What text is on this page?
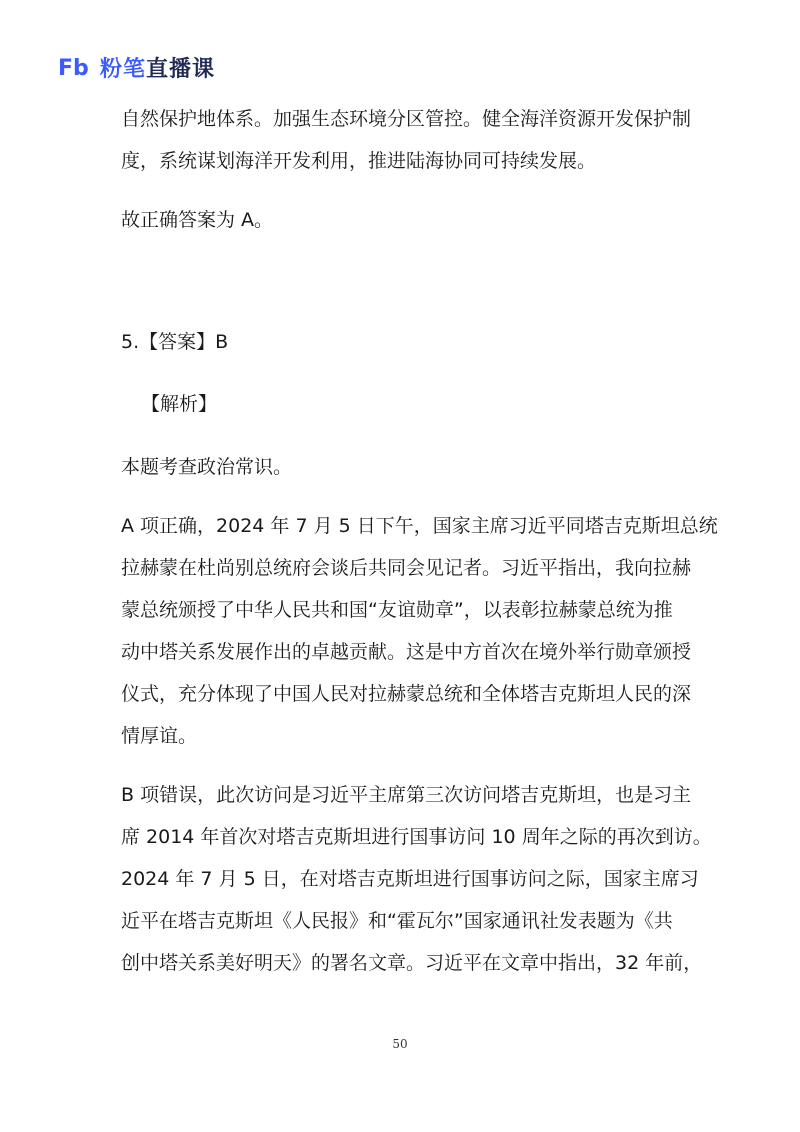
Fb 粉笔 直播课
自然保护地体系。加强生态环境分区管控。健全海洋资源开发保护制
度，系统谋划海洋开发利用，推进陆海协同可持续发展。
故正确答案为 A。
5.【答案】B
【解析】
本题考查政治常识。
A 项正确，2024 年 7 月 5 日下午，国家主席习近平同塔吉克斯坦总统
拉赫蒙在杜尚别总统府会谈后共同会见记者。习近平指出，我向拉赫
蒙总统颁授了中华人民共和国“友谊勋章”，以表彰拉赫蒙总统为推
动中塔关系发展作出的卓越贡献。这是中方首次在境外举行勋章颁授
仪式，充分体现了中国人民对拉赫蒙总统和全体塔吉克斯坦人民的深
情厚谊。
B 项错误，此次访问是习近平主席第三次访问塔吉克斯坦，也是习主
席 2014 年首次对塔吉克斯坦进行国事访问 10 周年之际的再次到访。
2024 年 7 月 5 日，在对塔吉克斯坦进行国事访问之际，国家主席习
近平在塔吉克斯坦《人民报》和“霍瓦尔”国家通讯社发表题为《共
创中塔关系美好明天》的署名文章。习近平在文章中指出，32 年前，
50
